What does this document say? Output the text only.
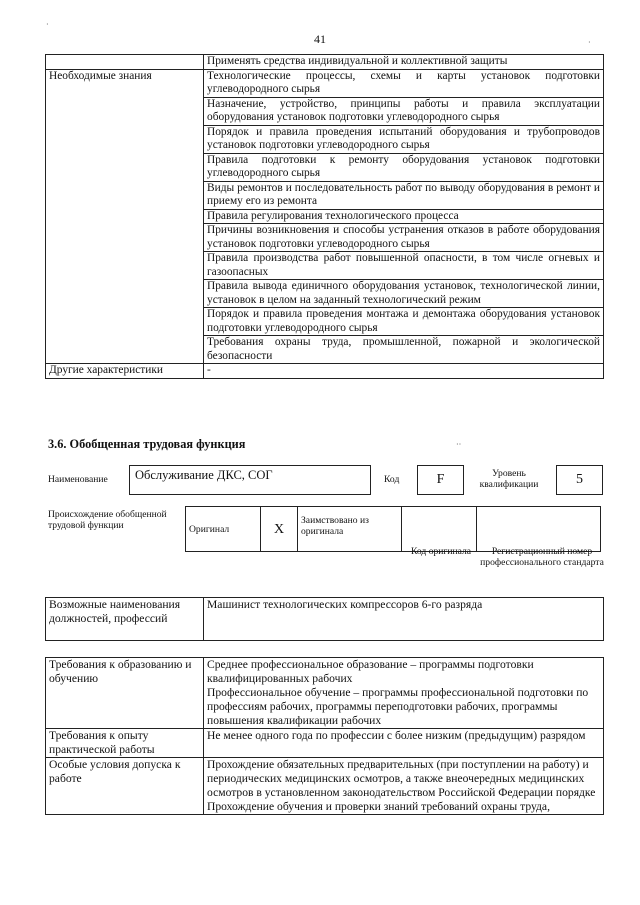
41
·
·
	Применять средства индивидуальной и коллективной защиты
Необходимые знания	Технологические процессы, схемы и карты установок подготовки углеводородного сырья
	Назначение, устройство, принципы работы и правила эксплуатации оборудования установок подготовки углеводородного сырья
	Порядок и правила проведения испытаний оборудования и трубопроводов установок подготовки углеводородного сырья
	Правила подготовки к ремонту оборудования установок подготовки углеводородного сырья
	Виды ремонтов и последовательность работ по выводу оборудования в ремонт и приему его из ремонта
	Правила регулирования технологического процесса
	Причины возникновения и способы устранения отказов в работе оборудования установок подготовки углеводородного сырья
	Правила производства работ повышенной опасности, в том числе огневых и газоопасных
	Правила вывода единичного оборудования установок, технологической линии, установок в целом на заданный технологический режим
	Порядок и правила проведения монтажа и демонтажа оборудования установок подготовки углеводородного сырья
	Требования охраны труда, промышленной, пожарной и экологической безопасности
Другие характеристики	-
3.6. Обобщенная трудовая функция	··
Наименование	Обслуживание ДКС, СОГ	Код	F	Уровень квалификации	5
Происхождение обобщенной трудовой функции	Оригинал	X	Заимствовано из оригинала		
Код оригинала	Регистрационный номер профессионального стандарта
Возможные наименования должностей, профессий	Машинист технологических компрессоров 6-го разряда
Требования к образованию и обучению	Среднее профессиональное образование – программы подготовки квалифицированных рабочих
Профессиональное обучение – программы профессиональной подготовки по профессиям рабочих, программы переподготовки рабочих, программы повышения квалификации рабочих

Требования к опыту практической работы	Не менее одного года по профессии с более низким (предыдущим) разрядом
Особые условия допуска к работе	Прохождение обязательных предварительных (при поступлении на работу) и периодических медицинских осмотров, а также внеочередных медицинских осмотров в установленном законодательством Российской Федерации порядке
Прохождение обучения и проверки знаний требований охраны труда,
